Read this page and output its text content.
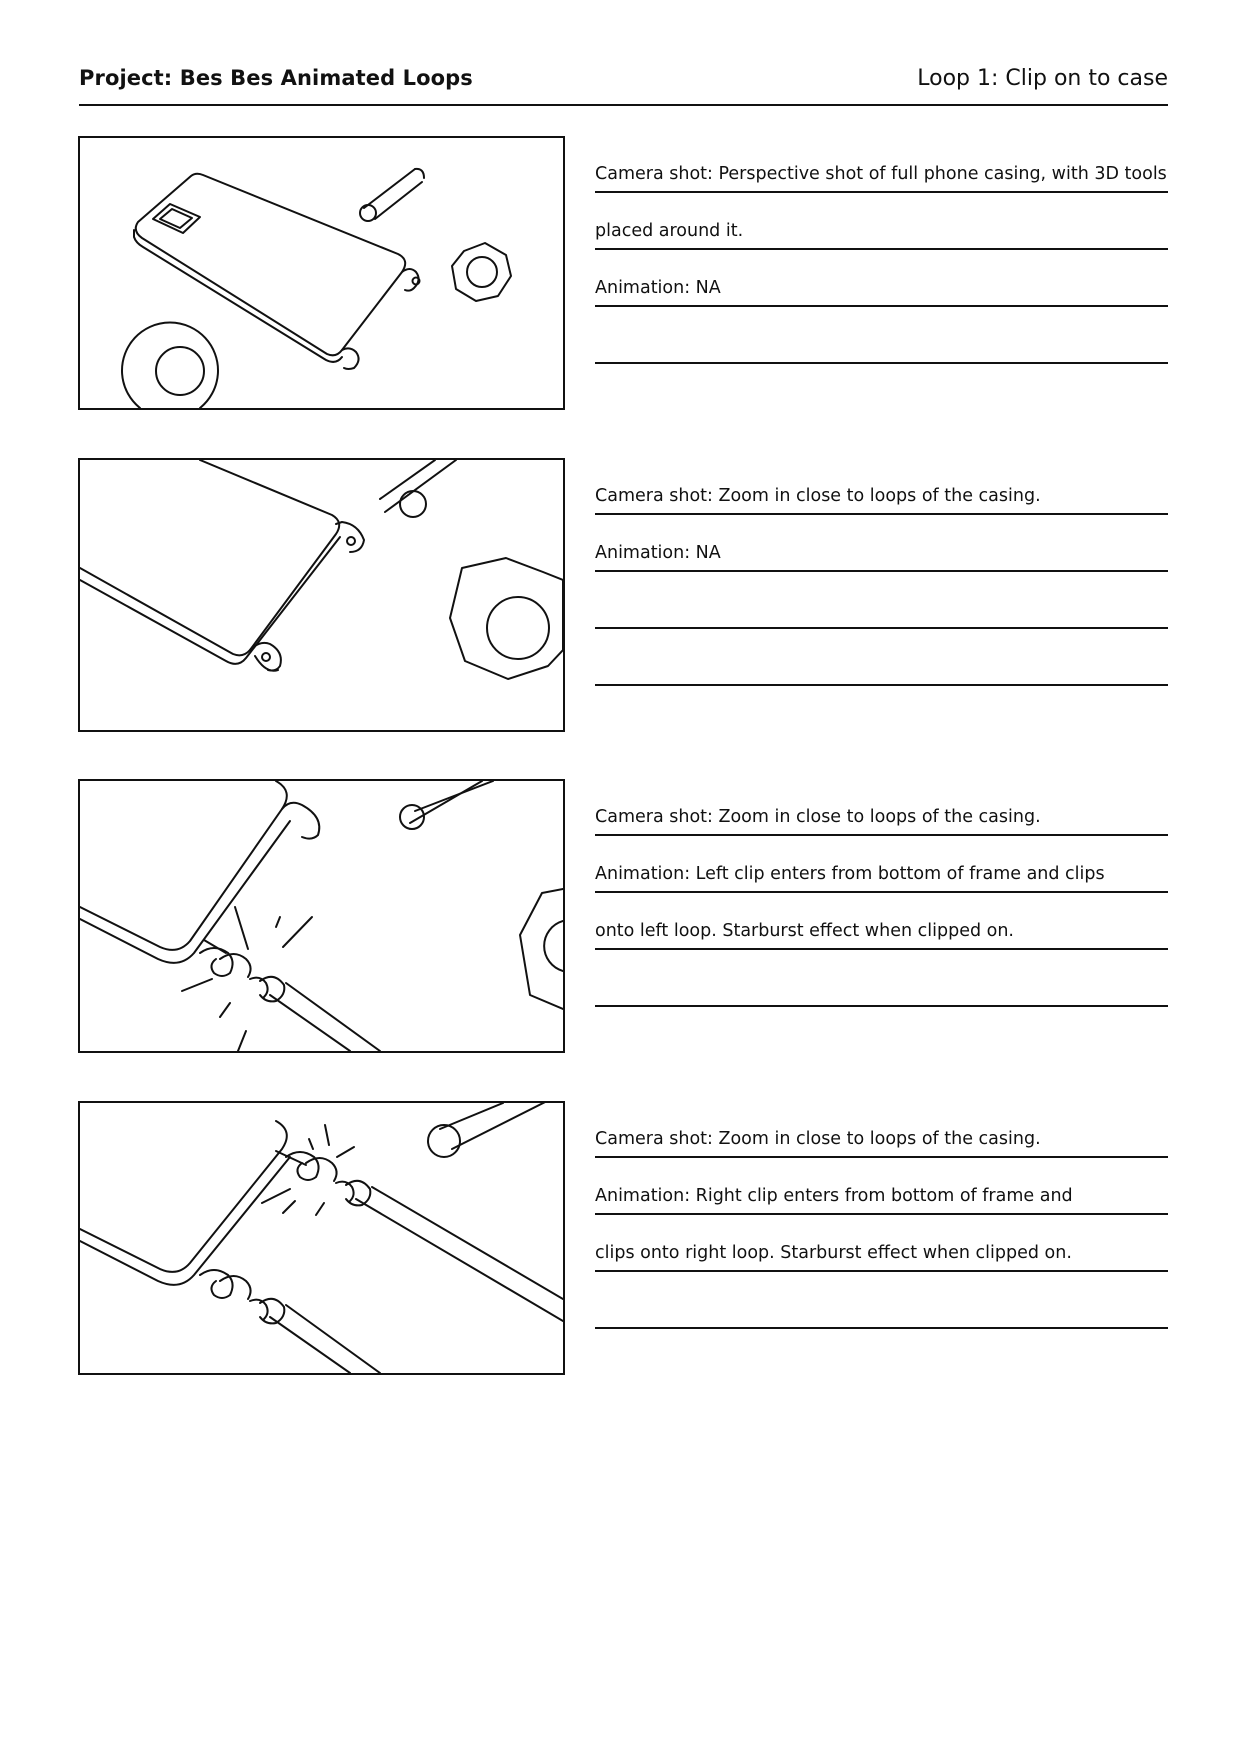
Project: Bes Bes Animated Loops	Loop 1: Clip on to case
Camera shot: Perspective shot of full phone casing, with 3D tools
placed around it.
Animation: NA
Camera shot: Zoom in close to loops of the casing.
Animation: NA
Camera shot: Zoom in close to loops of the casing.
Animation: Left clip enters from bottom of frame and clips
onto left loop. Starburst effect when clipped on.
Camera shot: Zoom in close to loops of the casing.
Animation: Right clip enters from bottom of frame and
clips onto right loop. Starburst effect when clipped on.
